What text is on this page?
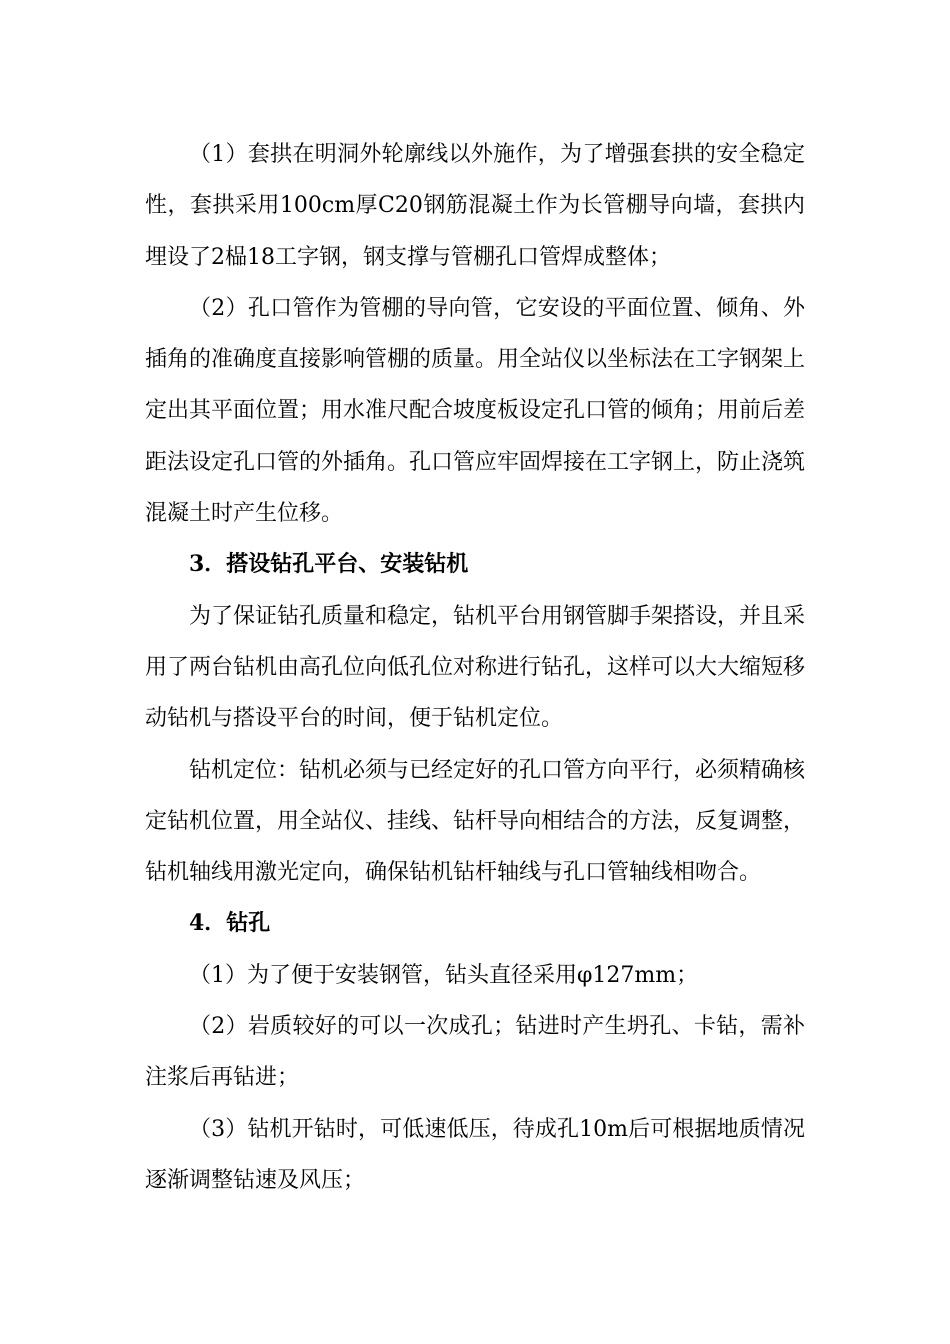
（1）套拱在明洞外轮廓线以外施作，为了增强套拱的安全稳定性，套拱采用100cm厚C20钢筋混凝土作为长管棚导向墙，套拱内埋设了2榀18工字钢，钢支撑与管棚孔口管焊成整体；

（2）孔口管作为管棚的导向管，它安设的平面位置、倾角、外插角的准确度直接影响管棚的质量。用全站仪以坐标法在工字钢架上定出其平面位置；用水准尺配合坡度板设定孔口管的倾角；用前后差距法设定孔口管的外插角。孔口管应牢固焊接在工字钢上，防止浇筑混凝土时产生位移。

3．搭设钻孔平台、安装钻机

为了保证钻孔质量和稳定，钻机平台用钢管脚手架搭设，并且采用了两台钻机由高孔位向低孔位对称进行钻孔，这样可以大大缩短移动钻机与搭设平台的时间，便于钻机定位。

钻机定位：钻机必须与已经定好的孔口管方向平行，必须精确核定钻机位置，用全站仪、挂线、钻杆导向相结合的方法，反复调整，钻机轴线用激光定向，确保钻机钻杆轴线与孔口管轴线相吻合。

4．钻孔

（1）为了便于安装钢管，钻头直径采用φ127mm；

（2）岩质较好的可以一次成孔；钻进时产生坍孔、卡钻，需补注浆后再钻进；

（3）钻机开钻时，可低速低压，待成孔10m后可根据地质情况逐渐调整钻速及风压；
